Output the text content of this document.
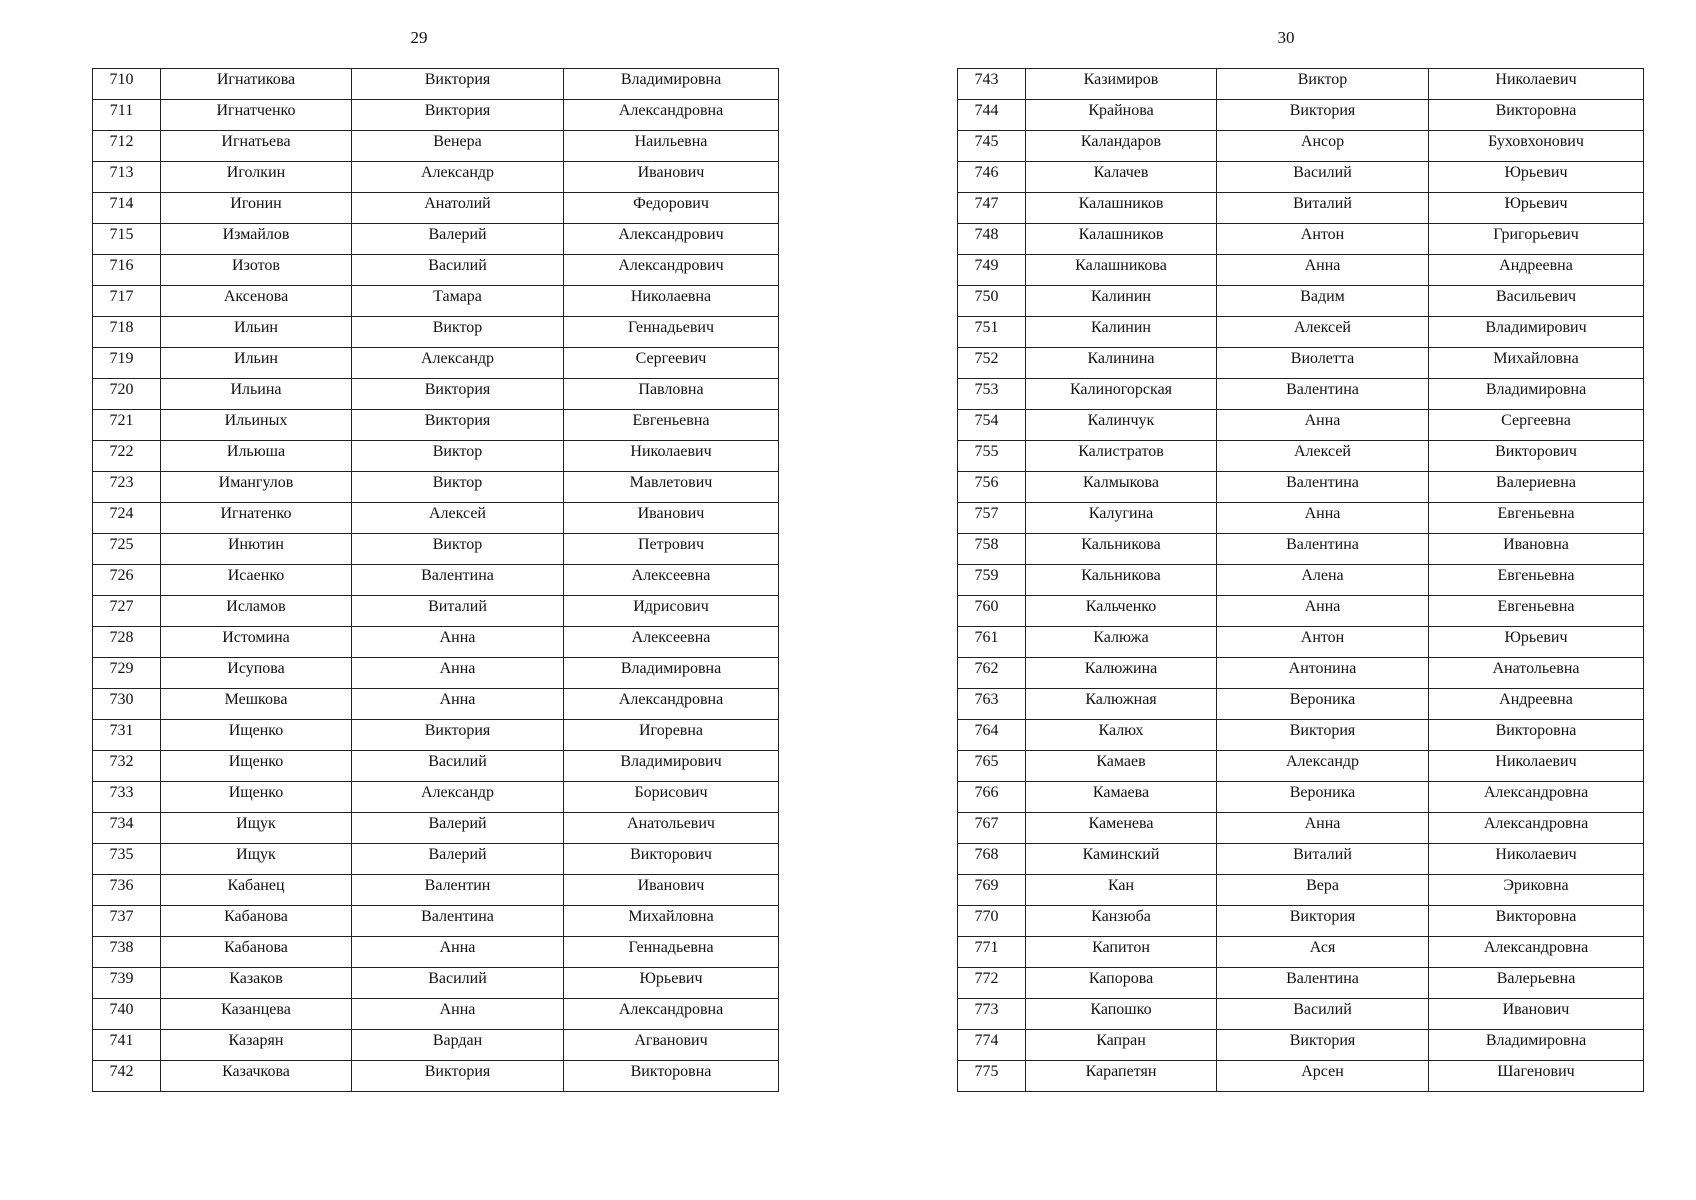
29
710	Игнатикова	Виктория	Владимировна
711	Игнатченко	Виктория	Александровна
712	Игнатьева	Венера	Наильевна
713	Иголкин	Александр	Иванович
714	Игонин	Анатолий	Федорович
715	Измайлов	Валерий	Александрович
716	Изотов	Василий	Александрович
717	Аксенова	Тамара	Николаевна
718	Ильин	Виктор	Геннадьевич
719	Ильин	Александр	Сергеевич
720	Ильина	Виктория	Павловна
721	Ильиных	Виктория	Евгеньевна
722	Ильюша	Виктор	Николаевич
723	Имангулов	Виктор	Мавлетович
724	Игнатенко	Алексей	Иванович
725	Инютин	Виктор	Петрович
726	Исаенко	Валентина	Алексеевна
727	Исламов	Виталий	Идрисович
728	Истомина	Анна	Алексеевна
729	Исупова	Анна	Владимировна
730	Мешкова	Анна	Александровна
731	Ищенко	Виктория	Игоревна
732	Ищенко	Василий	Владимирович
733	Ищенко	Александр	Борисович
734	Ищук	Валерий	Анатольевич
735	Ищук	Валерий	Викторович
736	Кабанец	Валентин	Иванович
737	Кабанова	Валентина	Михайловна
738	Кабанова	Анна	Геннадьевна
739	Казаков	Василий	Юрьевич
740	Казанцева	Анна	Александровна
741	Казарян	Вардан	Агванович
742	Казачкова	Виктория	Викторовна
30
743	Казимиров	Виктор	Николаевич
744	Крайнова	Виктория	Викторовна
745	Каландаров	Ансор	Буховхонович
746	Калачев	Василий	Юрьевич
747	Калашников	Виталий	Юрьевич
748	Калашников	Антон	Григорьевич
749	Калашникова	Анна	Андреевна
750	Калинин	Вадим	Васильевич
751	Калинин	Алексей	Владимирович
752	Калинина	Виолетта	Михайловна
753	Калиногорская	Валентина	Владимировна
754	Калинчук	Анна	Сергеевна
755	Калистратов	Алексей	Викторович
756	Калмыкова	Валентина	Валериевна
757	Калугина	Анна	Евгеньевна
758	Кальникова	Валентина	Ивановна
759	Кальникова	Алена	Евгеньевна
760	Кальченко	Анна	Евгеньевна
761	Калюжа	Антон	Юрьевич
762	Калюжина	Антонина	Анатольевна
763	Калюжная	Вероника	Андреевна
764	Калюх	Виктория	Викторовна
765	Камаев	Александр	Николаевич
766	Камаева	Вероника	Александровна
767	Каменева	Анна	Александровна
768	Каминский	Виталий	Николаевич
769	Кан	Вера	Эриковна
770	Канзюба	Виктория	Викторовна
771	Капитон	Ася	Александровна
772	Капорова	Валентина	Валерьевна
773	Капошко	Василий	Иванович
774	Капран	Виктория	Владимировна
775	Карапетян	Арсен	Шагенович
